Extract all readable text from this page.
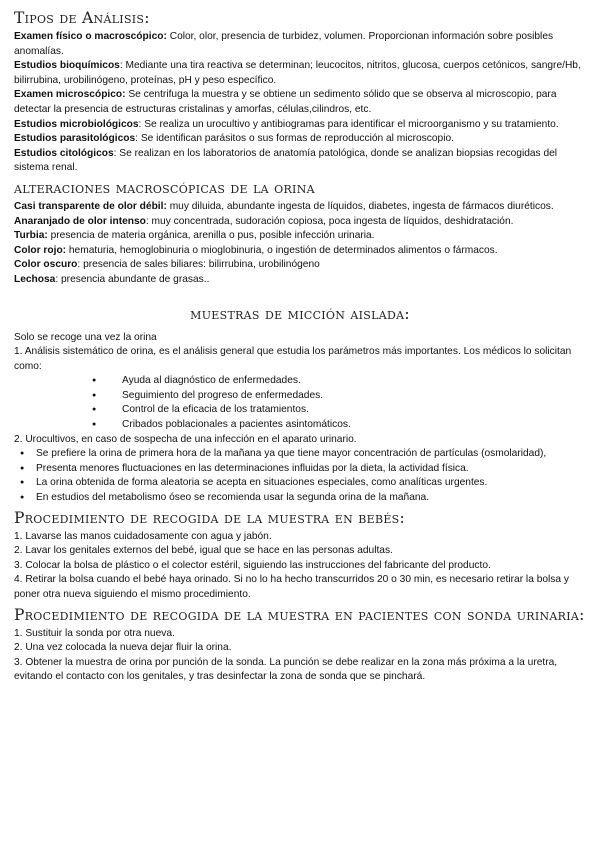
Tipos de Análisis:

Examen físico o macroscópico: Color, olor, presencia de turbidez, volumen. Proporcionan información sobre posibles anomalías.

Estudios bioquímicos: Mediante una tira reactiva se determinan; leucocitos, nitritos, glucosa, cuerpos cetónicos, sangre/Hb, bilirrubina, urobilinógeno, proteínas, pH y peso específico.

Examen microscópico: Se centrifuga la muestra y se obtiene un sedimento sólido que se observa al microscopio, para detectar la presencia de estructuras cristalinas y amorfas, células,cilindros, etc.

Estudios microbiológicos: Se realiza un urocultivo y antibiogramas para identificar el microorganismo y su tratamiento.

Estudios parasitológicos: Se identifican parásitos o sus formas de reproducción al microscopio.

Estudios citológicos: Se realizan en los laboratorios de anatomía patológica, donde se analizan biopsias recogidas del sistema renal.

alteraciones macroscópicas de la orina

Casi transparente de olor débil: muy diluida, abundante ingesta de líquidos, diabetes, ingesta de fármacos diuréticos.

Anaranjado de olor intenso: muy concentrada, sudoración copiosa, poca ingesta de líquidos, deshidratación.

Turbia: presencia de materia orgánica, arenilla o pus, posible infección urinaria.

Color rojo: hematuria, hemoglobinuria o mioglobinuria, o ingestión de determinados alimentos o fármacos.

Color oscuro: presencia de sales biliares: bilirrubina, urobilinógeno

Lechosa: presencia abundante de grasas..

muestras de micción aislada:

Solo se recoge una vez la orina

1. Análisis sistemático de orina, es el análisis general que estudia los parámetros más importantes. Los médicos lo solicitan como:

● Ayuda al diagnóstico de enfermedades.
● Seguimiento del progreso de enfermedades.
● Control de la eficacia de los tratamientos.
● Cribados poblacionales a pacientes asintomáticos.

2. Urocultivos, en caso de sospecha de una infección en el aparato urinario.

● Se prefiere la orina de primera hora de la mañana ya que tiene mayor concentración de partículas (osmolaridad),
● Presenta menores fluctuaciones en las determinaciones influidas por la dieta, la actividad física.
● La orina obtenida de forma aleatoria se acepta en situaciones especiales, como analíticas urgentes.
● En estudios del metabolismo óseo se recomienda usar la segunda orina de la mañana.
Procedimiento de recogida de la muestra en bebés:

1. Lavarse las manos cuidadosamente con agua y jabón.

2. Lavar los genitales externos del bebé, igual que se hace en las personas adultas.

3. Colocar la bolsa de plástico o el colector estéril, siguiendo las instrucciones del fabricante del producto.

4. Retirar la bolsa cuando el bebé haya orinado. Si no lo ha hecho transcurridos 20 o 30 min, es necesario retirar la bolsa y poner otra nueva siguiendo el mismo procedimiento.

Procedimiento de recogida de la muestra en pacientes con sonda urinaria:

1. Sustituir la sonda por otra nueva.

2. Una vez colocada la nueva dejar fluir la orina.

3. Obtener la muestra de orina por punción de la sonda. La punción se debe realizar en la zona más próxima a la uretra, evitando el contacto con los genitales, y tras desinfectar la zona de sonda que se pinchará.
